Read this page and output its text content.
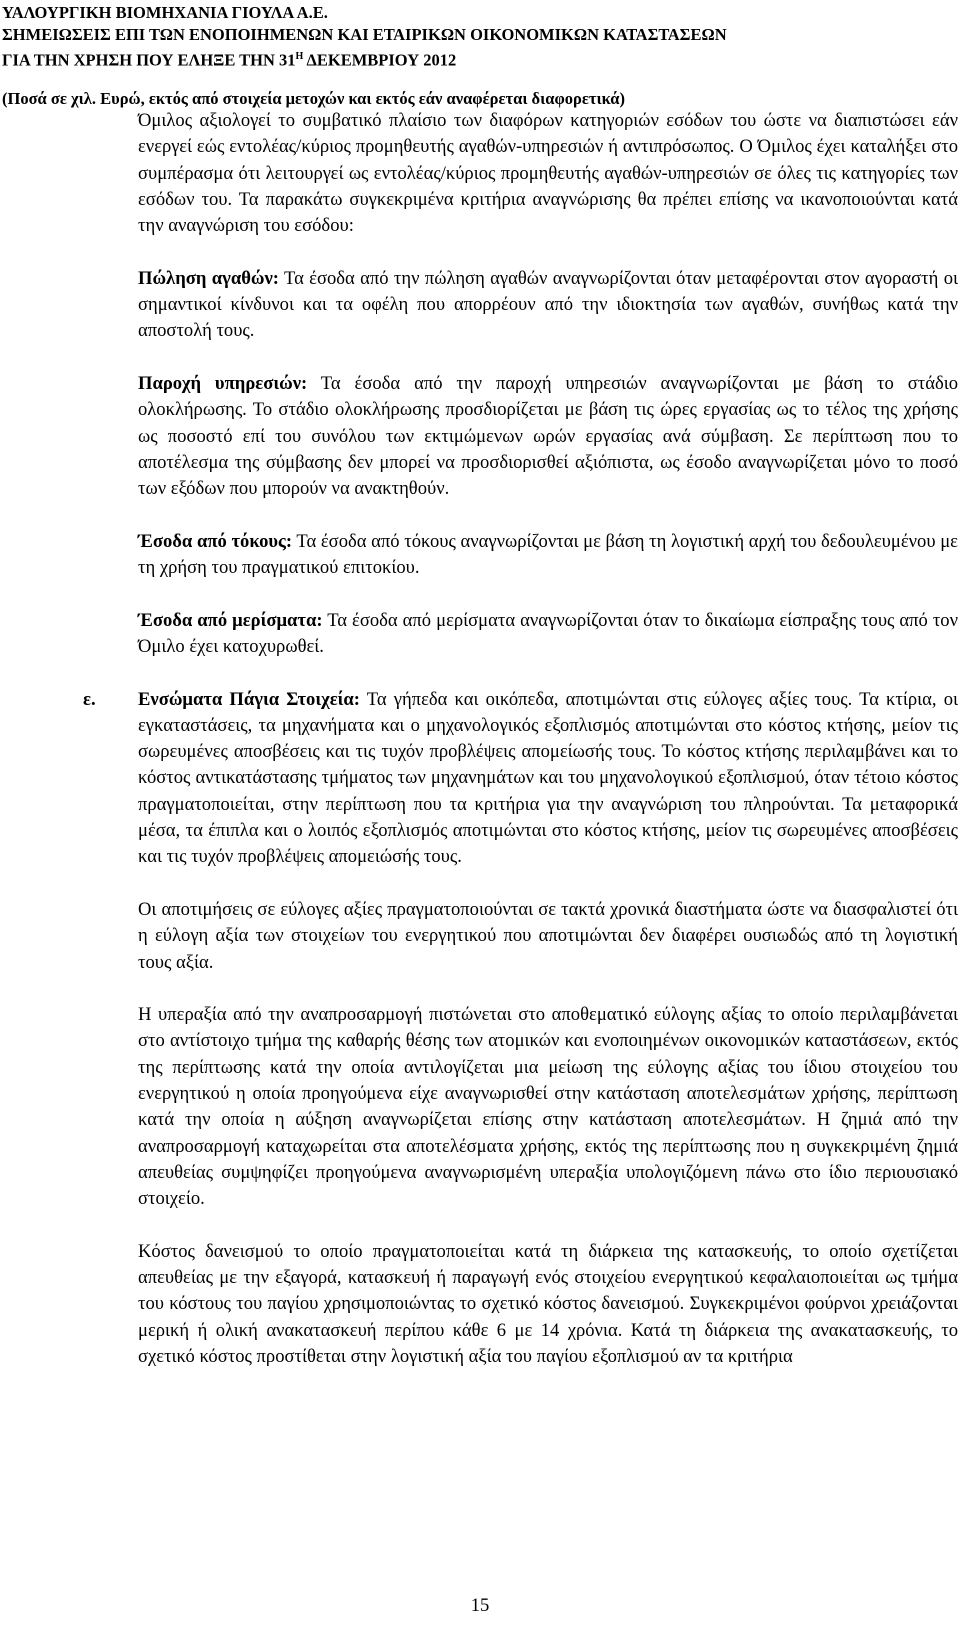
ΥΑΛΟΥΡΓΙΚΗ ΒΙΟΜΗΧΑΝΙΑ ΓΙΟΥΛΑ Α.Ε.
ΣΗΜΕΙΩΣΕΙΣ ΕΠΙ ΤΩΝ ΕΝΟΠΟΙΗΜΕΝΩΝ ΚΑΙ ΕΤΑΙΡΙΚΩΝ ΟΙΚΟΝΟΜΙΚΩΝ ΚΑΤΑΣΤΑΣΕΩΝ
ΓΙΑ ΤΗΝ ΧΡΗΣΗ ΠΟΥ ΕΛΗΞΕ ΤΗΝ $31^H$ ΔΕΚΕΜΒΡΙΟΥ 2012
(Ποσά σε χιλ. Ευρώ, εκτός από στοιχεία μετοχών και εκτός εάν αναφέρεται διαφορετικά)

Όμιλος αξιολογεί το συμβατικό πλαίσιο των διαφόρων κατηγοριών εσόδων του ώστε να διαπιστώσει εάν ενεργεί εώς εντολέας/κύριος προμηθευτής αγαθών-υπηρεσιών ή αντιπρόσωπος. Ο Όμιλος έχει καταλήξει στο συμπέρασμα ότι λειτουργεί ως εντολέας/κύριος προμηθευτής αγαθών-υπηρεσιών σε όλες τις κατηγορίες των εσόδων του. Τα παρακάτω συγκεκριμένα κριτήρια αναγνώρισης θα πρέπει επίσης να ικανοποιούνται κατά την αναγνώριση του εσόδου:

Πώληση αγαθών: Τα έσοδα από την πώληση αγαθών αναγνωρίζονται όταν μεταφέρονται στον αγοραστή οι σημαντικοί κίνδυνοι και τα οφέλη που απορρέουν από την ιδιοκτησία των αγαθών, συνήθως κατά την αποστολή τους.

Παροχή υπηρεσιών: Τα έσοδα από την παροχή υπηρεσιών αναγνωρίζονται με βάση το στάδιο ολοκλήρωσης. Το στάδιο ολοκλήρωσης προσδιορίζεται με βάση τις ώρες εργασίας ως το τέλος της χρήσης ως ποσοστό επί του συνόλου των εκτιμώμενων ωρών εργασίας ανά σύμβαση. Σε περίπτωση που το αποτέλεσμα της σύμβασης δεν μπορεί να προσδιορισθεί αξιόπιστα, ως έσοδο αναγνωρίζεται μόνο το ποσό των εξόδων που μπορούν να ανακτηθούν.

Έσοδα από τόκους: Τα έσοδα από τόκους αναγνωρίζονται με βάση τη λογιστική αρχή του δεδουλευμένου με τη χρήση του πραγματικού επιτοκίου.

Έσοδα από μερίσματα: Τα έσοδα από μερίσματα αναγνωρίζονται όταν το δικαίωμα είσπραξης τους από τον Όμιλο έχει κατοχυρωθεί.

ε. Ενσώματα Πάγια Στοιχεία: Τα γήπεδα και οικόπεδα, αποτιμώνται στις εύλογες αξίες τους. Τα κτίρια, οι εγκαταστάσεις, τα μηχανήματα και ο μηχανολογικός εξοπλισμός αποτιμώνται στο κόστος κτήσης, μείον τις σωρευμένες αποσβέσεις και τις τυχόν προβλέψεις απομείωσής τους. Το κόστος κτήσης περιλαμβάνει και το κόστος αντικατάστασης τμήματος των μηχανημάτων και του μηχανολογικού εξοπλισμού, όταν τέτοιο κόστος πραγματοποιείται, στην περίπτωση που τα κριτήρια για την αναγνώριση του πληρούνται. Τα μεταφορικά μέσα, τα έπιπλα και ο λοιπός εξοπλισμός αποτιμώνται στο κόστος κτήσης, μείον τις σωρευμένες αποσβέσεις και τις τυχόν προβλέψεις απομειώσής τους.

Οι αποτιμήσεις σε εύλογες αξίες πραγματοποιούνται σε τακτά χρονικά διαστήματα ώστε να διασφαλιστεί ότι η εύλογη αξία των στοιχείων του ενεργητικού που αποτιμώνται δεν διαφέρει ουσιωδώς από τη λογιστική τους αξία.

Η υπεραξία από την αναπροσαρμογή πιστώνεται στο αποθεματικό εύλογης αξίας το οποίο περιλαμβάνεται στο αντίστοιχο τμήμα της καθαρής θέσης των ατομικών και ενοποιημένων οικονομικών καταστάσεων, εκτός της περίπτωσης κατά την οποία αντιλογίζεται μια μείωση της εύλογης αξίας του ίδιου στοιχείου του ενεργητικού η οποία προηγούμενα είχε αναγνωρισθεί στην κατάσταση αποτελεσμάτων χρήσης, περίπτωση κατά την οποία η αύξηση αναγνωρίζεται επίσης στην κατάσταση αποτελεσμάτων. Η ζημιά από την αναπροσαρμογή καταχωρείται στα αποτελέσματα χρήσης, εκτός της περίπτωσης που η συγκεκριμένη ζημιά απευθείας συμψηφίζει προηγούμενα αναγνωρισμένη υπεραξία υπολογιζόμενη πάνω στο ίδιο περιουσιακό στοιχείο.

Κόστος δανεισμού το οποίο πραγματοποιείται κατά τη διάρκεια της κατασκευής, το οποίο σχετίζεται απευθείας με την εξαγορά, κατασκευή ή παραγωγή ενός στοιχείου ενεργητικού κεφαλαιοποιείται ως τμήμα του κόστους του παγίου χρησιμοποιώντας το σχετικό κόστος δανεισμού. Συγκεκριμένοι φούρνοι χρειάζονται μερική ή ολική ανακατασκευή περίπου κάθε 6 με 14 χρόνια. Κατά τη διάρκεια της ανακατασκευής, το σχετικό κόστος προστίθεται στην λογιστική αξία του παγίου εξοπλισμού αν τα κριτήρια

15
